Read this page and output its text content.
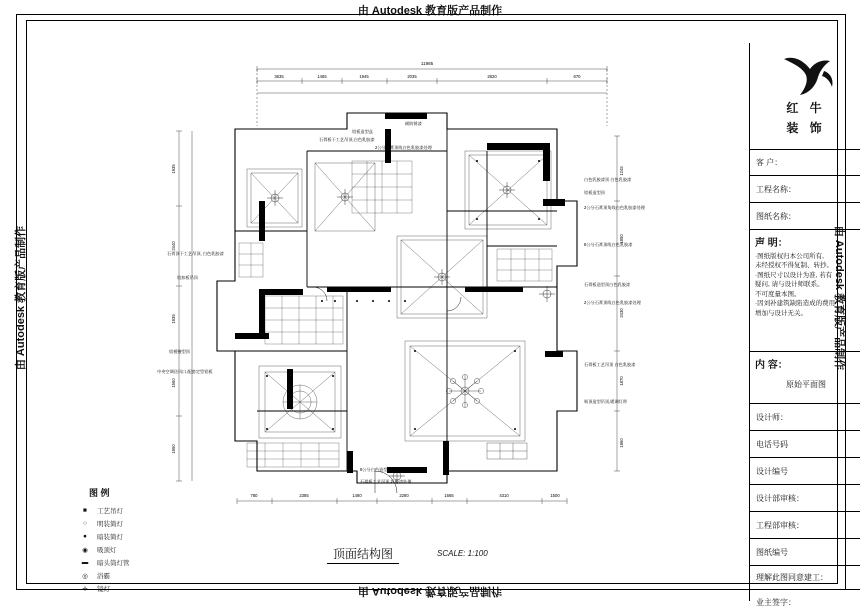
由 Autodesk 教育版产品制作
由 Autodesk 教育版产品制作
由 Autodesk 教育版产品制作	由 Autodesk 教育版产品制作
11985
3635	1465	1945	2035	2820	670
1935
2440
1935
1560
1950
1245
1850
2430
1870
1960
780	2385	1480	2280	1665	4310	1500
铝板造型盒
石膏板干工艺吊顶,白色乳胶漆
2公分石膏顶线白色乳胶漆处理
刷防锈漆
白色乳胶漆顶 白色乳胶漆
铝板造型顶
2公分石膏顶角线白色乳胶漆处理
8公分石膏顶线白色乳胶漆
石膏板造型顶白色乳胶漆
2公分石膏顶线白色乳胶漆处理
石膏板工艺吊顶 白色乳胶漆
吸顶造型吊顶,暖调灯带
石膏顶干工艺吊顶, 白色乳胶漆
铝扣板吊顶
铝板造型顶
中央空调送风口,配套定型铝板
8公分白色造型顶角线收边
石膏板工艺吊顶,乳胶漆处理
图 例
■	工艺吊灯
○	明装简灯
●	暗装简灯
◉	吸顶灯
▬	暗头筒灯管
◎	浴霸
✛	镜灯
顶面结构图	SCALE: 1:100
红 牛
装 饰
客 户：
工程名称：
图纸名称：
声 明：
·图纸版权归本公司所有,
未经授权不得复制、转抄。
·图纸尺寸以设计为准, 若有
疑问, 请与设计师联系。
不可度量本图。
·因刘补建筑缺陷造成的费用
增加与设计无关。
内 容：
原始平面图
设计师：
电话号码
设计编号
设计部审核：
工程部审核：
图纸编号
理解此图同意建工：
业主签字：
